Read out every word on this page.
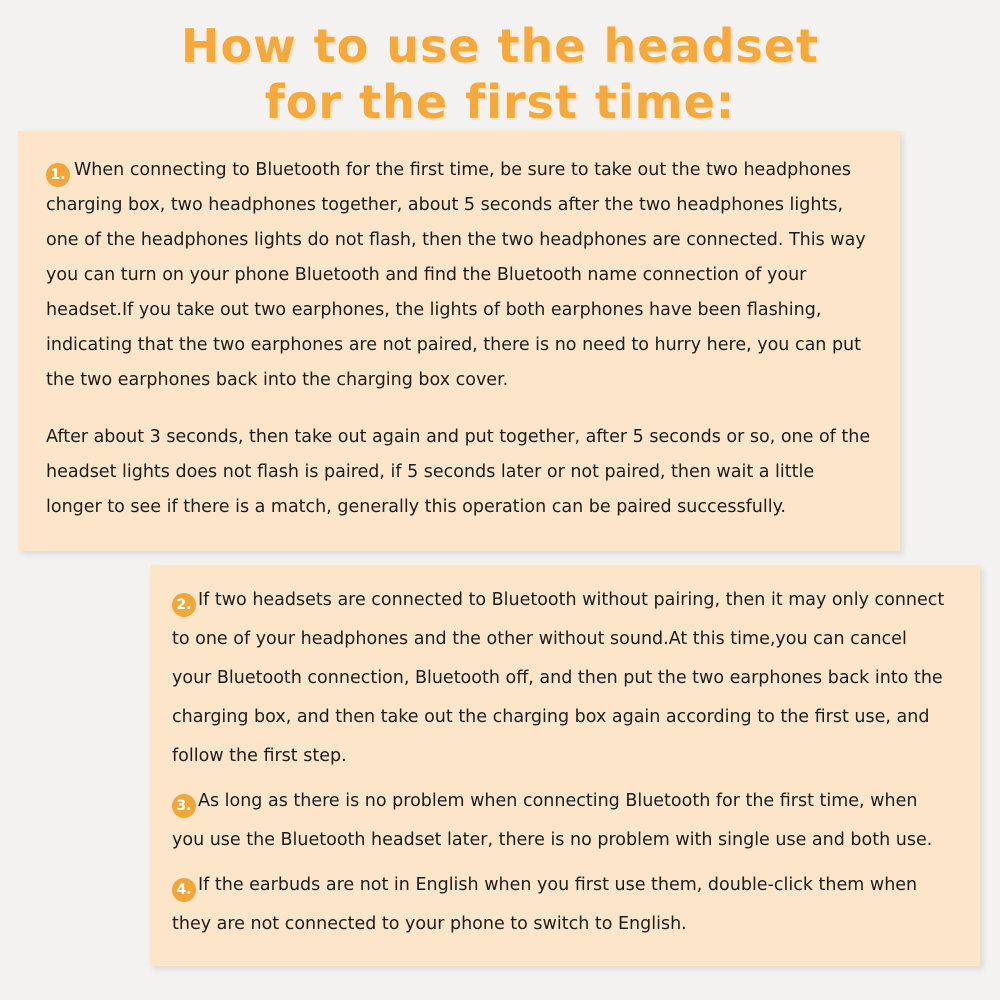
How to use the headset
for the first time:

1. When connecting to Bluetooth for the first time, be sure to take out the two headphones charging box, two headphones together, about 5 seconds after the two headphones lights, one of the headphones lights do not flash, then the two headphones are connected. This way you can turn on your phone Bluetooth and find the Bluetooth name connection of your headset.If you take out two earphones, the lights of both earphones have been flashing, indicating that the two earphones are not paired, there is no need to hurry here, you can put the two earphones back into the charging box cover.

After about 3 seconds, then take out again and put together, after 5 seconds or so, one of the headset lights does not flash is paired, if 5 seconds later or not paired, then wait a little longer to see if there is a match, generally this operation can be paired successfully.

2. If two headsets are connected to Bluetooth without pairing, then it may only connect to one of your headphones and the other without sound.At this time,you can cancel your Bluetooth connection, Bluetooth off, and then put the two earphones back into the charging box, and then take out the charging box again according to the first use, and follow the first step.

3. As long as there is no problem when connecting Bluetooth for the first time, when you use the Bluetooth headset later, there is no problem with single use and both use.

4. If the earbuds are not in English when you first use them, double-click them when they are not connected to your phone to switch to English.
